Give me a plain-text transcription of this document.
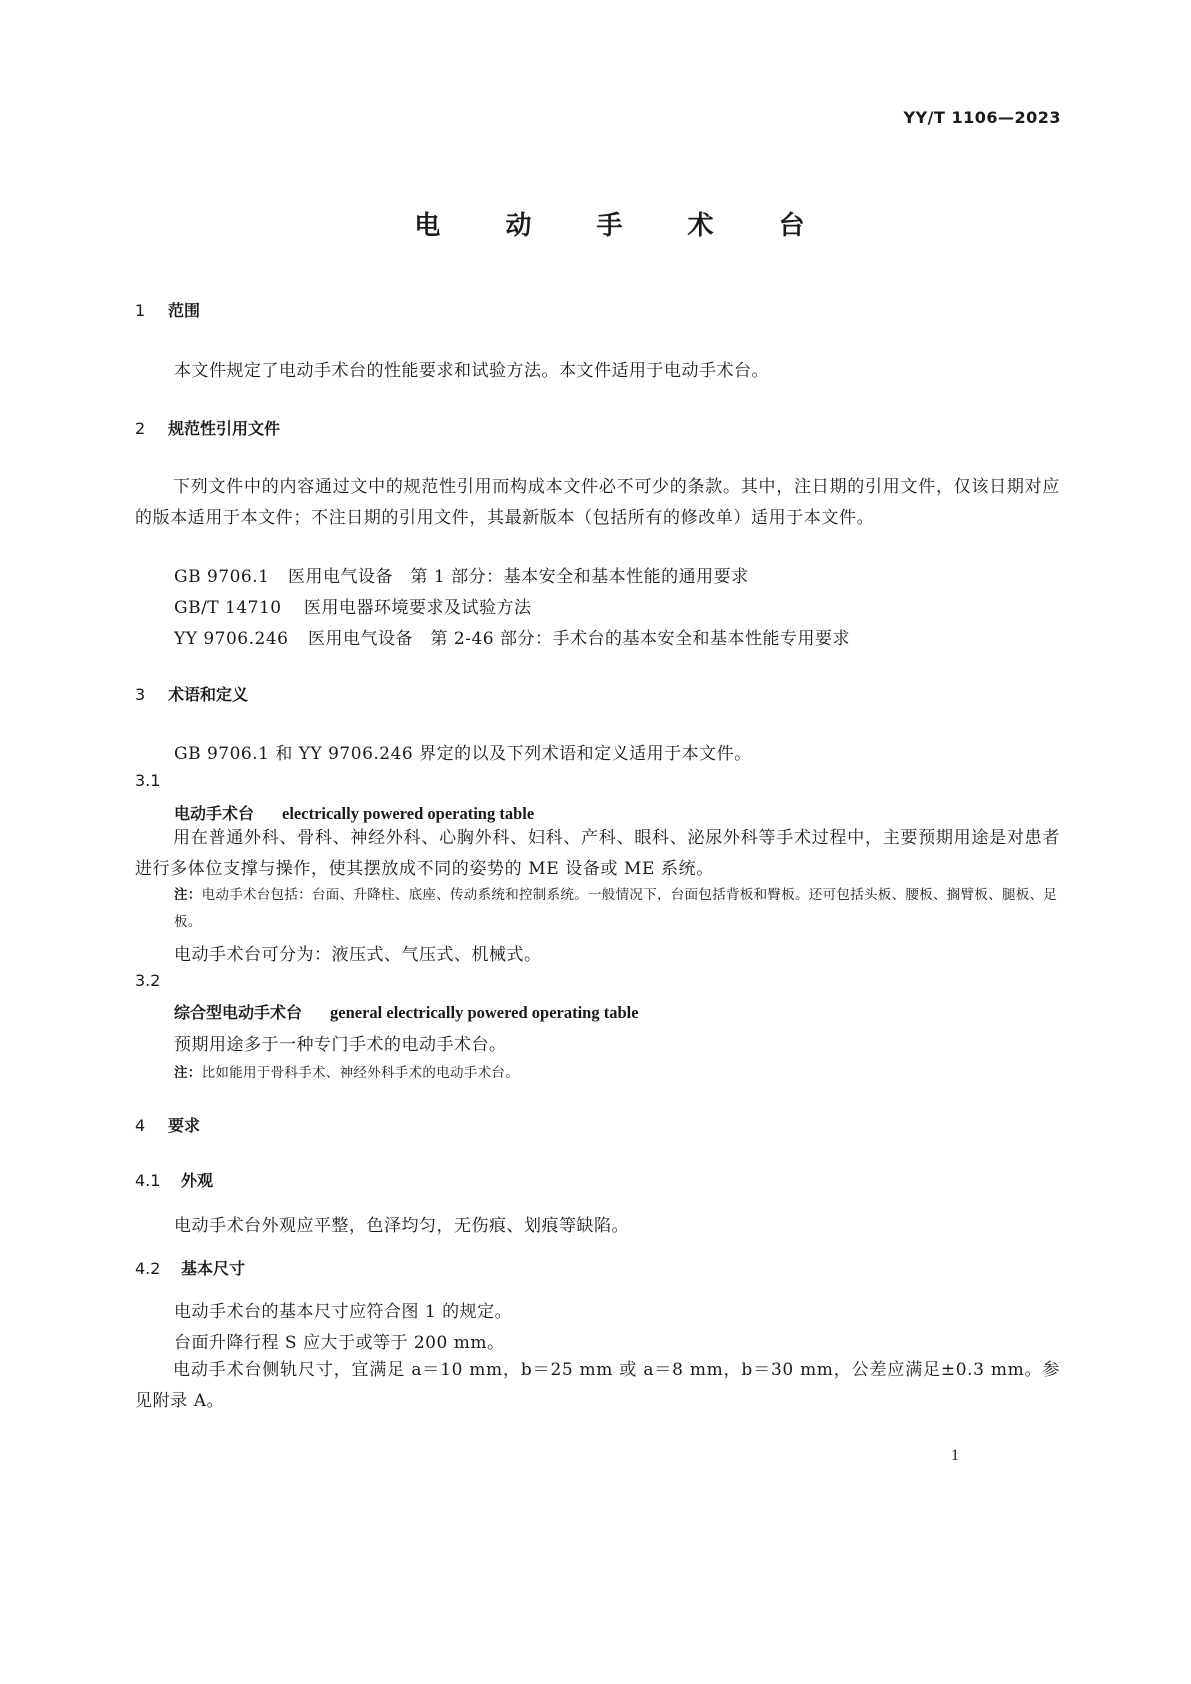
YY/T 1106—2023
电 动 手 术 台
1 范围
本文件规定了电动手术台的性能要求和试验方法。本文件适用于电动手术台。
2 规范性引用文件
下列文件中的内容通过文中的规范性引用而构成本文件必不可少的条款。其中，注日期的引用文件，仅该日期对应的版本适用于本文件；不注日期的引用文件，其最新版本（包括所有的修改单）适用于本文件。
GB 9706.1 医用电气设备　第 1 部分：基本安全和基本性能的通用要求
GB/T 14710 医用电器环境要求及试验方法
YY 9706.246 医用电气设备　第 2-46 部分：手术台的基本安全和基本性能专用要求
3 术语和定义
GB 9706.1 和 YY 9706.246 界定的以及下列术语和定义适用于本文件。
3.1
电动手术台 electrically powered operating table
用在普通外科、骨科、神经外科、心胸外科、妇科、产科、眼科、泌尿外科等手术过程中，主要预期用途是对患者进行多体位支撑与操作，使其摆放成不同的姿势的 ME 设备或 ME 系统。
注：电动手术台包括：台面、升降柱、底座、传动系统和控制系统。一般情况下，台面包括背板和臀板。还可包括头板、腰板、搁臂板、腿板、足板。
电动手术台可分为：液压式、气压式、机械式。
3.2
综合型电动手术台 general electrically powered operating table
预期用途多于一种专门手术的电动手术台。
注：比如能用于骨科手术、神经外科手术的电动手术台。
4 要求
4.1 外观
电动手术台外观应平整，色泽均匀，无伤痕、划痕等缺陷。
4.2 基本尺寸
电动手术台的基本尺寸应符合图 1 的规定。
台面升降行程 S 应大于或等于 200 mm。
电动手术台侧轨尺寸，宜满足 a＝10 mm，b＝25 mm 或 a＝8 mm，b＝30 mm，公差应满足±0.3 mm。参见附录 A。
1
